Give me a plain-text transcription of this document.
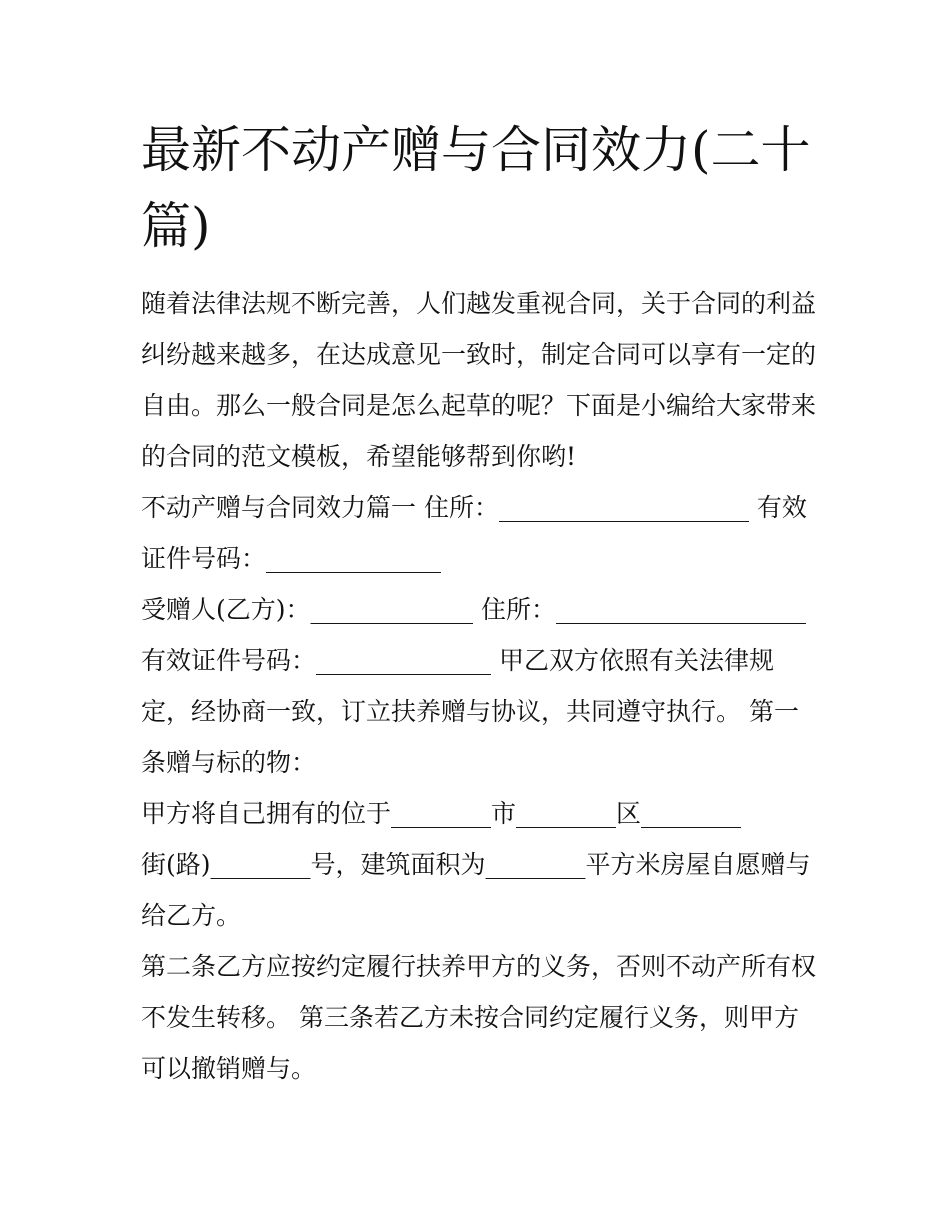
最新不动产赠与合同效力(二十
篇)

随着法律法规不断完善，人们越发重视合同，关于合同的利益
纠纷越来越多，在达成意见一致时，制定合同可以享有一定的
自由。那么一般合同是怎么起草的呢？下面是小编给大家带来
的合同的范文模板，希望能够帮到你哟!

不动产赠与合同效力篇一 住所：____________________ 有效
证件号码：______________

受赠人(乙方)：_____________ 住所：____________________
有效证件号码：______________ 甲乙双方依照有关法律规
定，经协商一致，订立扶养赠与协议，共同遵守执行。 第一
条赠与标的物：

甲方将自己拥有的位于________市________区________
街(路)________号，建筑面积为________平方米房屋自愿赠与
给乙方。

第二条乙方应按约定履行扶养甲方的义务，否则不动产所有权
不发生转移。 第三条若乙方未按合同约定履行义务，则甲方
可以撤销赠与。
